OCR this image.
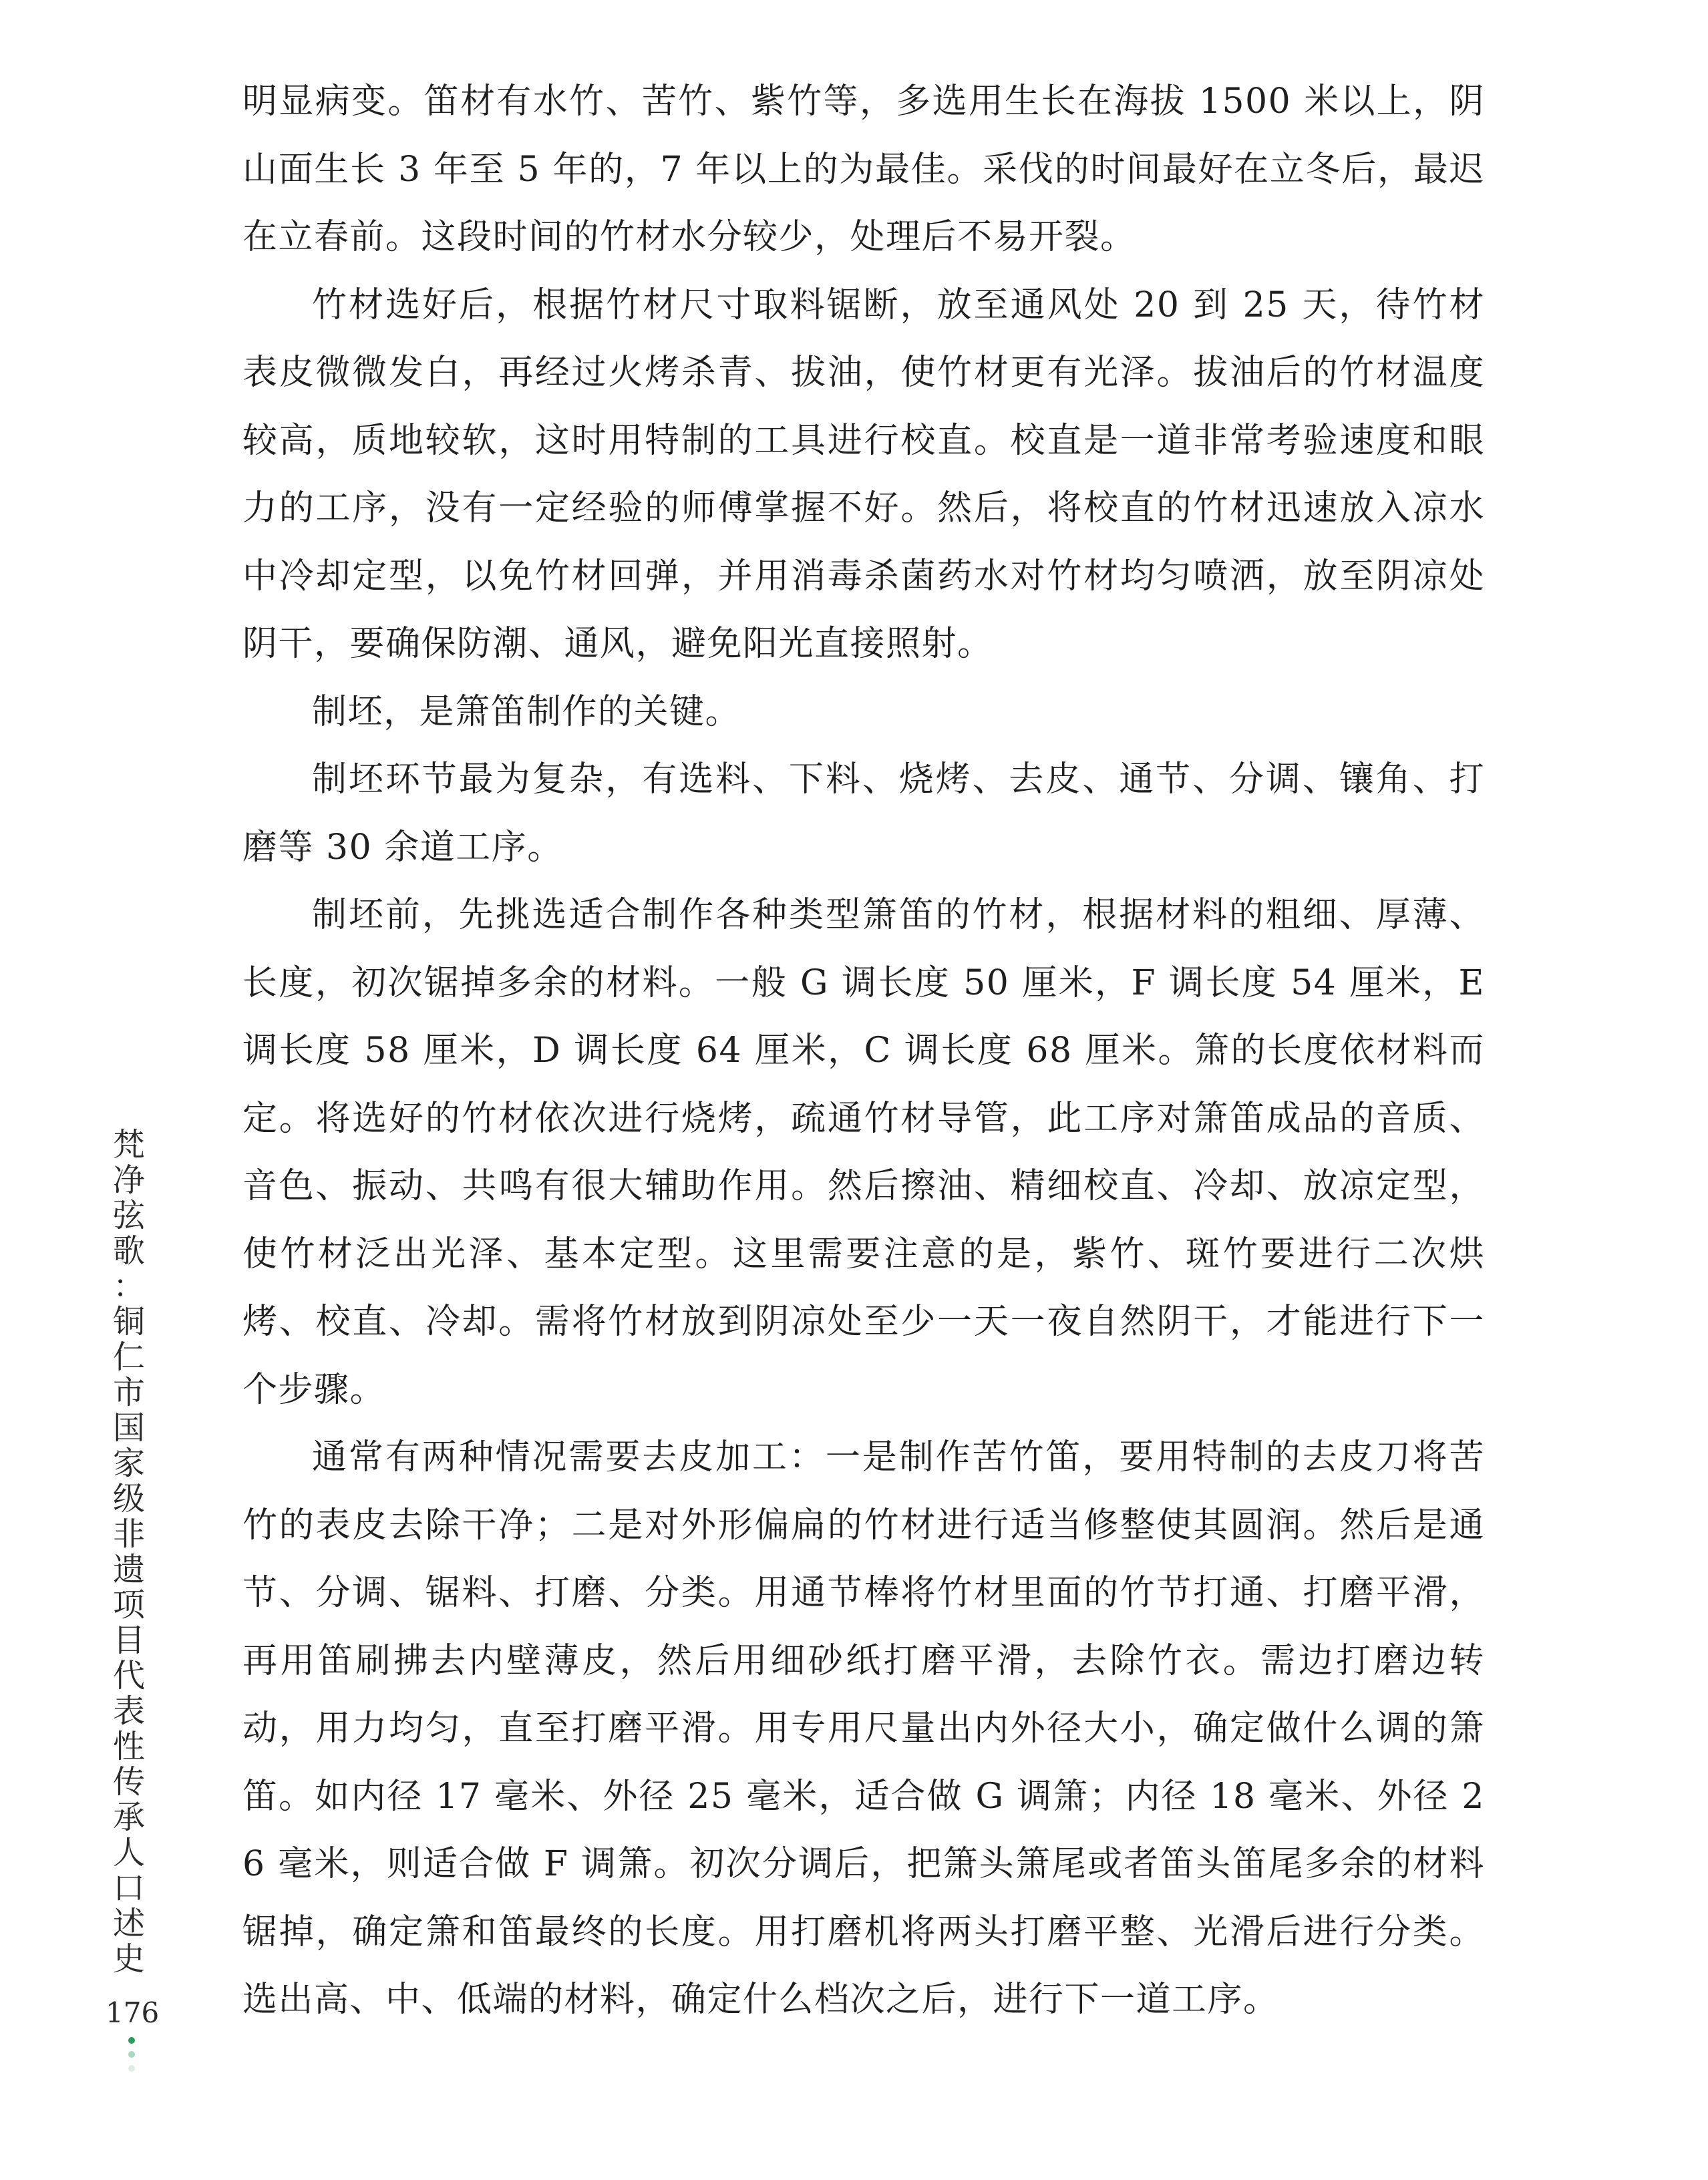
明显病变。笛材有水竹、苦竹、紫竹等，多选用生长在海拔 1500 米以上，阴山面生长 3 年至 5 年的，7 年以上的为最佳。采伐的时间最好在立冬后，最迟在立春前。这段时间的竹材水分较少，处理后不易开裂。

竹材选好后，根据竹材尺寸取料锯断，放至通风处 20 到 25 天，待竹材表皮微微发白，再经过火烤杀青、拔油，使竹材更有光泽。拔油后的竹材温度较高，质地较软，这时用特制的工具进行校直。校直是一道非常考验速度和眼力的工序，没有一定经验的师傅掌握不好。然后，将校直的竹材迅速放入凉水中冷却定型，以免竹材回弹，并用消毒杀菌药水对竹材均匀喷洒，放至阴凉处阴干，要确保防潮、通风，避免阳光直接照射。

制坯，是箫笛制作的关键。

制坯环节最为复杂，有选料、下料、烧烤、去皮、通节、分调、镶角、打磨等 30 余道工序。

制坯前，先挑选适合制作各种类型箫笛的竹材，根据材料的粗细、厚薄、长度，初次锯掉多余的材料。一般 G 调长度 50 厘米，F 调长度 54 厘米，E 调长度 58 厘米，D 调长度 64 厘米，C 调长度 68 厘米。箫的长度依材料而定。将选好的竹材依次进行烧烤，疏通竹材导管，此工序对箫笛成品的音质、音色、振动、共鸣有很大辅助作用。然后擦油、精细校直、冷却、放凉定型，使竹材泛出光泽、基本定型。这里需要注意的是，紫竹、斑竹要进行二次烘烤、校直、冷却。需将竹材放到阴凉处至少一天一夜自然阴干，才能进行下一个步骤。

通常有两种情况需要去皮加工：一是制作苦竹笛，要用特制的去皮刀将苦竹的表皮去除干净；二是对外形偏扁的竹材进行适当修整使其圆润。然后是通节、分调、锯料、打磨、分类。用通节棒将竹材里面的竹节打通、打磨平滑，再用笛刷拂去内壁薄皮，然后用细砂纸打磨平滑，去除竹衣。需边打磨边转动，用力均匀，直至打磨平滑。用专用尺量出内外径大小，确定做什么调的箫笛。如内径 17 毫米、外径 25 毫米，适合做 G 调箫；内径 18 毫米、外径 26 毫米，则适合做 F 调箫。初次分调后，把箫头箫尾或者笛头笛尾多余的材料锯掉，确定箫和笛最终的长度。用打磨机将两头打磨平整、光滑后进行分类。选出高、中、低端的材料，确定什么档次之后，进行下一道工序。

梵
净
弦
歌
：
铜
仁
市
国
家
级
非
遗
项
目
代
表
性
传
承
人
口
述
史
176
